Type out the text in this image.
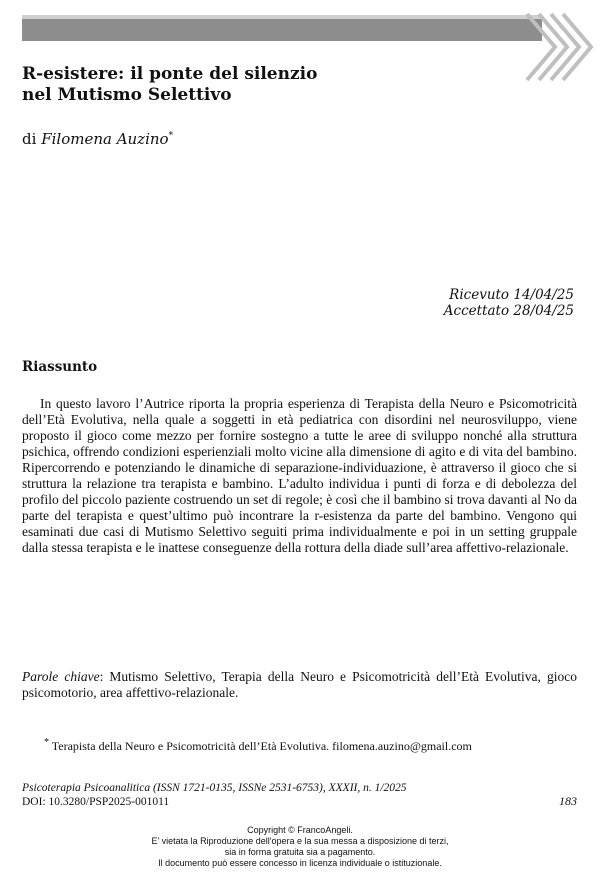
R-esistere: il ponte del silenzio
nel Mutismo Selettivo
di Filomena Auzino*
Ricevuto 14/04/25
Accettato 28/04/25
Riassunto

In questo lavoro l’Autrice riporta la propria esperienza di Terapista della Neuro e Psicomotricità dell’Età Evolutiva, nella quale a soggetti in età pediatrica con disordini nel neurosviluppo, viene proposto il gioco come mezzo per fornire sostegno a tutte le aree di sviluppo nonché alla struttura psichica, offrendo condizioni esperienziali molto vicine alla dimensione di agito e di vita del bambino. Ripercorrendo e potenziando le dinamiche di separazione-individuazione, è attraverso il gioco che si struttura la relazione tra terapista e bambino. L’adulto individua i punti di forza e di debolezza del profilo del piccolo paziente costruendo un set di regole; è così che il bambino si trova davanti al No da parte del terapista e quest’ultimo può incontrare la r-esistenza da parte del bambino. Vengono qui esaminati due casi di Mutismo Selettivo seguiti prima individualmente e poi in un setting gruppale dalla stessa terapista e le inattese conseguenze della rottura della diade sull’area affettivo-relazionale.

Parole chiave: Mutismo Selettivo, Terapia della Neuro e Psicomotricità dell’Età Evolutiva, gioco psicomotorio, area affettivo-relazionale.

* Terapista della Neuro e Psicomotricità dell’Età Evolutiva. filomena.auzino@gmail.com

Psicoterapia Psicoanalitica (ISSN 1721-0135, ISSNe 2531-6753), XXXII, n. 1/2025
DOI: 10.3280/PSP2025-001011	183
Copyright © FrancoAngeli.
E' vietata la Riproduzione dell'opera e la sua messa a disposizione di terzi,
sia in forma gratuita sia a pagamento.
Il documento può essere concesso in licenza individuale o istituzionale.
